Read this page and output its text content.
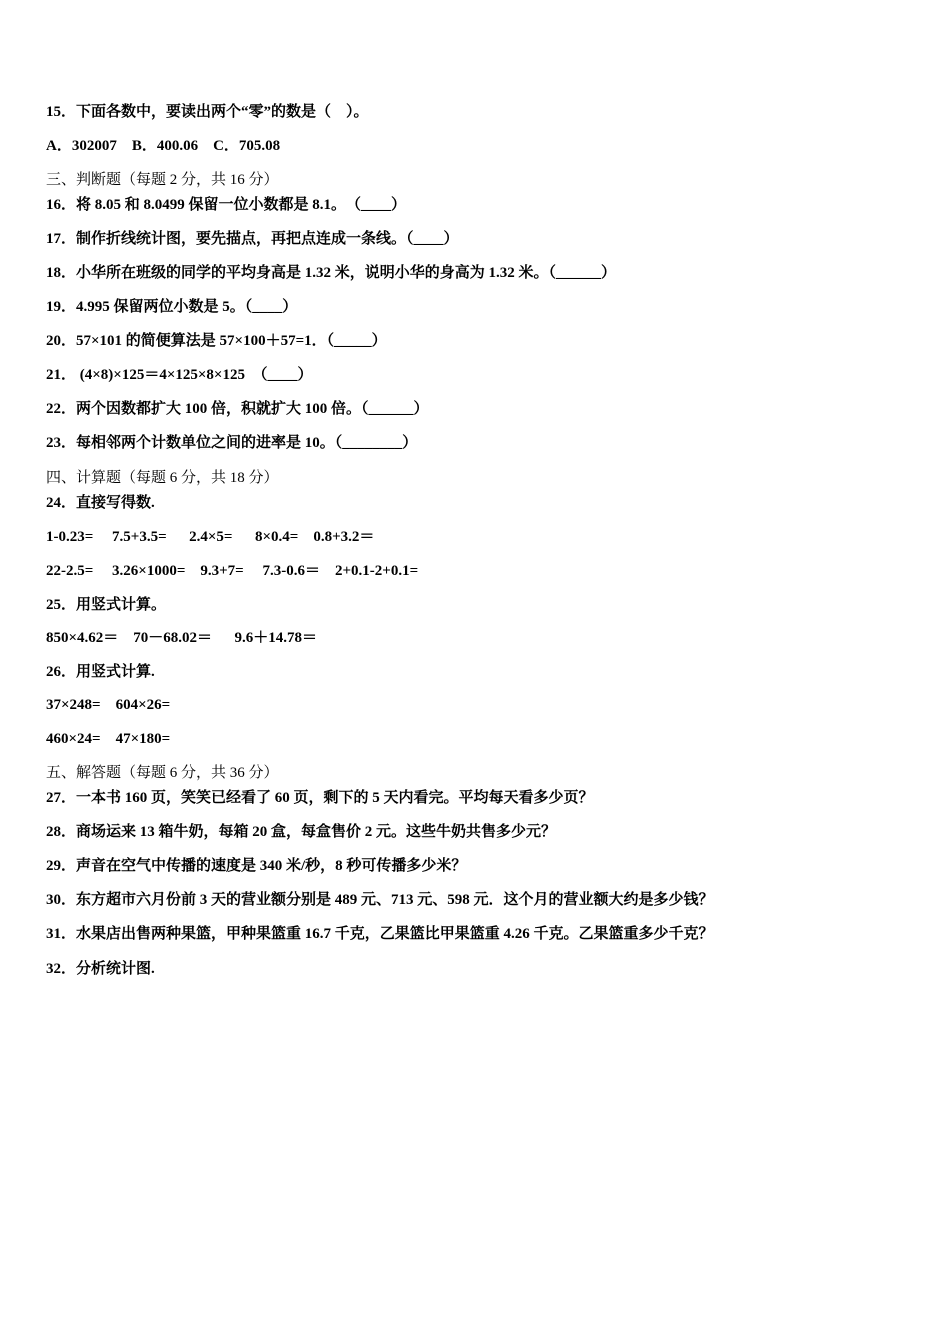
15．下面各数中，要读出两个“零”的数是（　）。
A．302007　B．400.06　C．705.08
三、判断题（每题 2 分，共 16 分）
16．将 8.05 和 8.0499 保留一位小数都是 8.1。　（____）
17．制作折线统计图，要先描点，再把点连成一条线。（____）
18．小华所在班级的同学的平均身高是 1.32 米，说明小华的身高为 1.32 米。（______）
19．4.995 保留两位小数是 5。（____）
20．57×101 的简便算法是 57×100＋57=1．（_____）
21． (4×8)×125＝4×125×8×125　（____）
22．两个因数都扩大 100 倍，积就扩大 100 倍。（______）
23．每相邻两个计数单位之间的进率是 10。（________）
四、计算题（每题 6 分，共 18 分）
24．直接写得数.
1-0.23=　 7.5+3.5=　  2.4×5=　  8×0.4=　0.8+3.2＝
22-2.5=　 3.26×1000=　9.3+7=　 7.3-0.6＝　2+0.1-2+0.1=
25．用竖式计算。
850×4.62＝　70－68.02＝　  9.6＋14.78＝
26．用竖式计算.
37×248=　604×26=
460×24=　47×180=
五、解答题（每题 6 分，共 36 分）
27．一本书 160 页，笑笑已经看了 60 页，剩下的 5 天内看完。平均每天看多少页？
28．商场运来 13 箱牛奶，每箱 20 盒，每盒售价 2 元。这些牛奶共售多少元？
29．声音在空气中传播的速度是 340 米/秒，8 秒可传播多少米？
30．东方超市六月份前 3 天的营业额分别是 489 元、713 元、598 元．这个月的营业额大约是多少钱？
31．水果店出售两种果篮，甲种果篮重 16.7 千克，乙果篮比甲果篮重 4.26 千克。乙果篮重多少千克？
32．分析统计图.
